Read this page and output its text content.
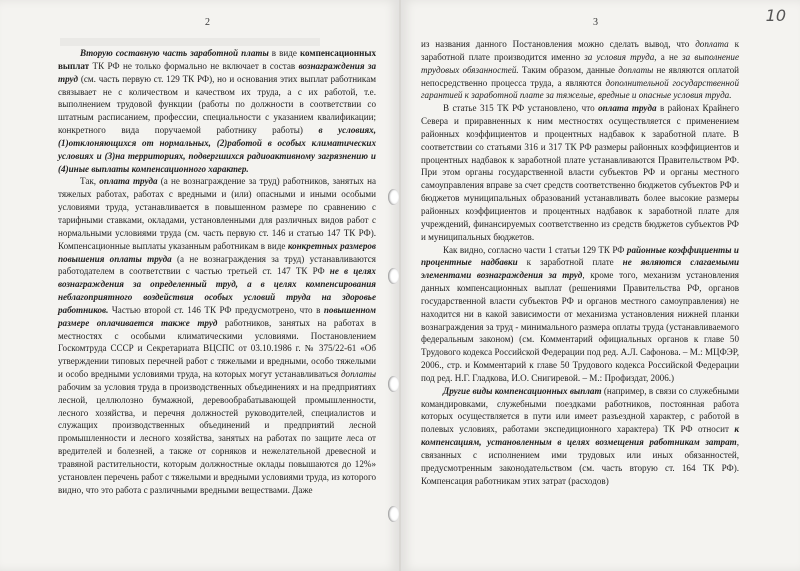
2

Вторую составную часть заработной платы в виде компенсационных выплат ТК РФ не только формально не включает в состав вознаграждения за труд (см. часть первую ст. 129 ТК РФ), но и основания этих выплат работникам связывает не с количеством и качеством их труда, а с их работой, т.е. выполнением трудовой функции (работы по должности в соответствии со штатным расписанием, профессии, специальности с указанием квалификации; конкретного вида поручаемой работнику работы) в условиях, (1)отклоняющихся от нормальных, (2)работой в особых климатических условиях и (3)на территориях, подвергшихся радиоактивному загрязнению и (4)иные выплаты компенсационного характер.

Так, оплата труда (а не вознаграждение за труд) работников, занятых на тяжелых работах, работах с вредными и (или) опасными и иными особыми условиями труда, устанавливается в повышенном размере по сравнению с тарифными ставками, окладами, установленными для различных видов работ с нормальными условиями труда (см. часть первую ст. 146 и статью 147 ТК РФ). Компенсационные выплаты указанным работникам в виде конкретных размеров повышения оплаты труда (а не вознаграждения за труд) устанавливаются работодателем в соответствии с частью третьей ст. 147 ТК РФ не в целях вознаграждения за определенный труд, а в целях компенсирования неблагоприятного воздействия особых условий труда на здоровье работников. Частью второй ст. 146 ТК РФ предусмотрено, что в повышенном размере оплачивается также труд работников, занятых на работах в местностях с особыми климатическими условиями. Постановлением Госкомтруда СССР и Секретариата ВЦСПС от 03.10.1986 г. № 375/22-61 «Об утверждении типовых перечней работ с тяжелыми и вредными, особо тяжелыми и особо вредными условиями труда, на которых могут устанавливаться доплаты рабочим за условия труда в производственных объединениях и на предприятиях лесной, целлюлозно бумажной, деревообрабатывающей промышленности, лесного хозяйства, и перечня должностей руководителей, специалистов и служащих производственных объединений и предприятий лесной промышленности и лесного хозяйства, занятых на работах по защите леса от вредителей и болезней, а также от сорняков и нежелательной древесной и травяной растительности, которым должностные оклады повышаются до 12%» установлен перечень работ с тяжелыми и вредными условиями труда, из которого видно, что это работа с различными вредными веществами. Даже

3	10

из названия данного Постановления можно сделать вывод, что доплата к заработной плате производится именно за условия труда, а не за выполнение трудовых обязанностей. Таким образом, данные доплаты не являются оплатой непосредственно процесса труда, а являются дополнительной государственной гарантией к заработной плате за тяжелые, вредные и опасные условия труда.

В статье 315 ТК РФ установлено, что оплата труда в районах Крайнего Севера и приравненных к ним местностях осуществляется с применением районных коэффициентов и процентных надбавок к заработной плате. В соответствии со статьями 316 и 317 ТК РФ размеры районных коэффициентов и процентных надбавок к заработной плате устанавливаются Правительством РФ. При этом органы государственной власти субъектов РФ и органы местного самоуправления вправе за счет средств соответственно бюджетов субъектов РФ и бюджетов муниципальных образований устанавливать более высокие размеры районных коэффициентов и процентных надбавок к заработной плате для учреждений, финансируемых соответственно из средств бюджетов субъектов РФ и муниципальных бюджетов.

Как видно, согласно части 1 статьи 129 ТК РФ районные коэффициенты и процентные надбавки к заработной плате не являются слагаемыми элементами вознаграждения за труд, кроме того, механизм установления данных компенсационных выплат (решениями Правительства РФ, органов государственной власти субъектов РФ и органов местного самоуправления) не находится ни в какой зависимости от механизма установления нижней планки вознаграждения за труд - минимального размера оплаты труда (устанавливаемого федеральным законом) (см. Комментарий официальных органов к главе 50 Трудового кодекса Российской Федерации под ред. А.Л. Сафонова. – М.: МЦФЭР, 2006., стр. и Комментарий к главе 50 Трудового кодекса Российской Федерации под ред. Н.Г. Гладкова, И.О. Снигиревой. – М.: Профиздат, 2006.)

Другие виды компенсационных выплат (например, в связи со служебными командировками, служебными поездками работников, постоянная работа которых осуществляется в пути или имеет разъездной характер, с работой в полевых условиях, работами экспедиционного характера) ТК РФ относит к компенсациям, установленным в целях возмещения работникам затрат, связанных с исполнением ими трудовых или иных обязанностей, предусмотренным законодательством (см. часть вторую ст. 164 ТК РФ). Компенсация работникам этих затрат (расходов)
